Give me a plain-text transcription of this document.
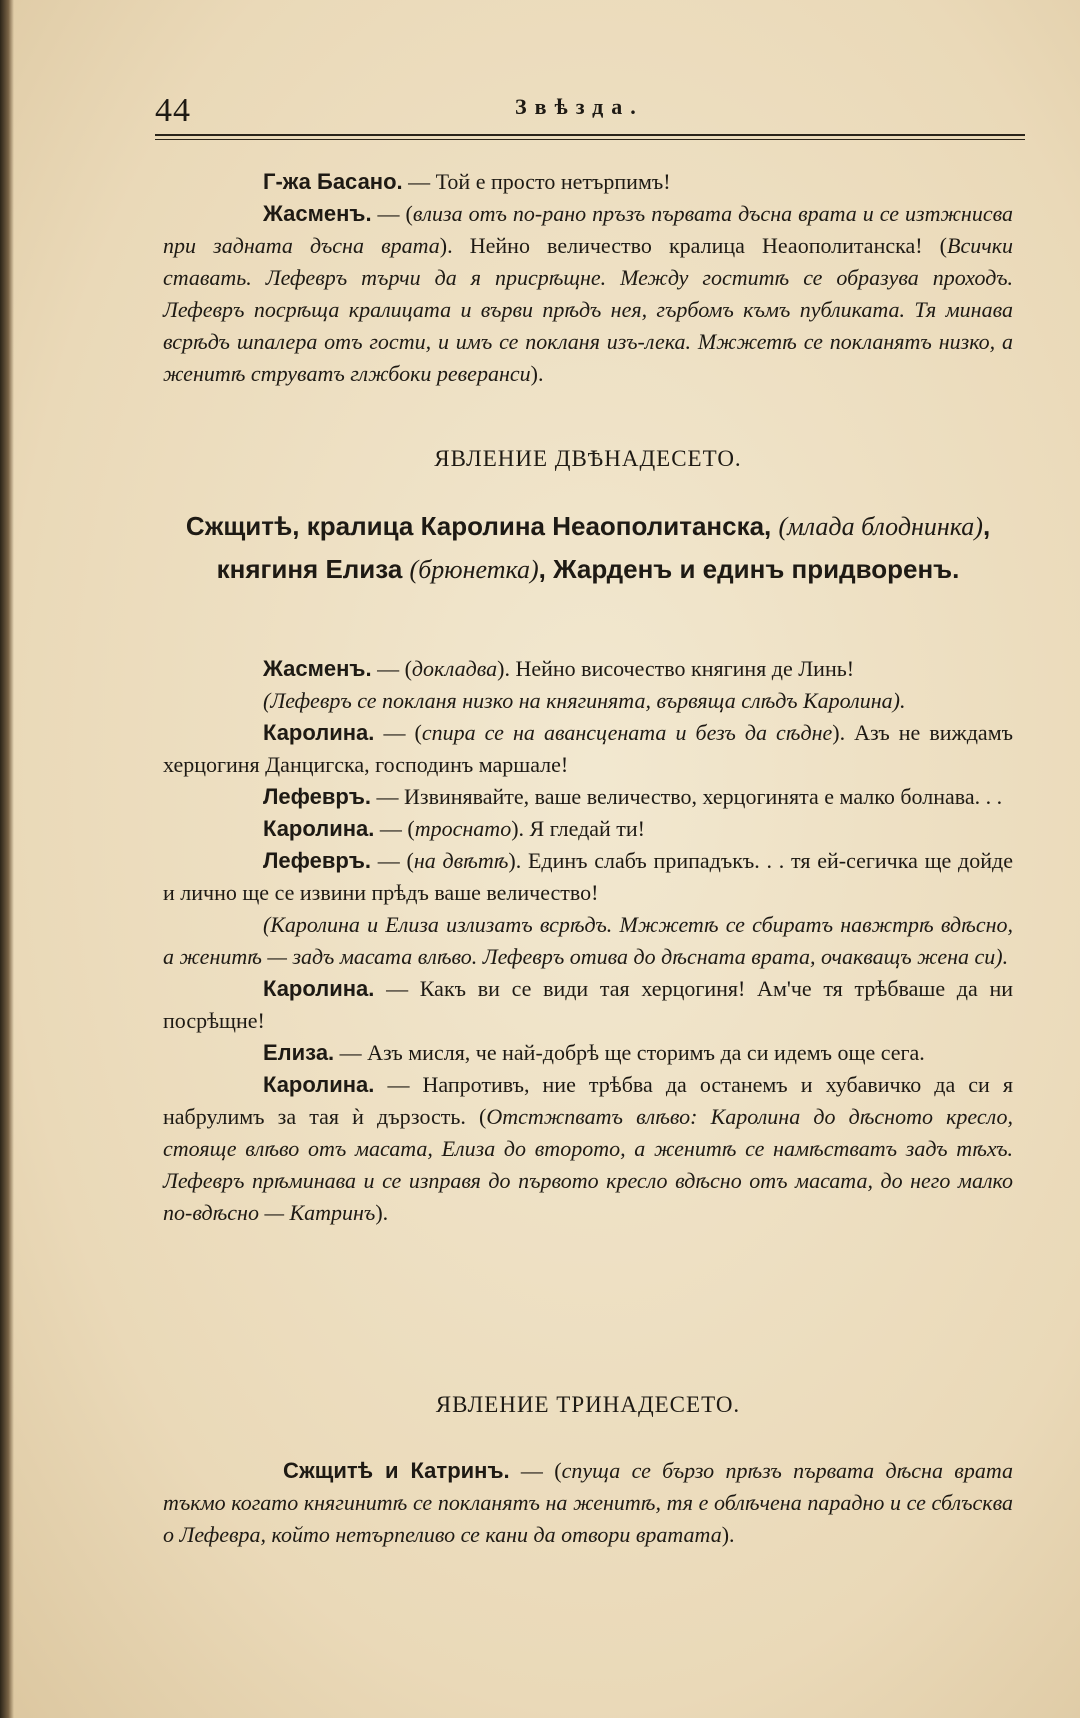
44	Звѣзда.

Г-жа Басано. — Той е просто нетърпимъ!

Жасменъ. — (влиза отъ по-рано пръзъ първата дъсна врата и се изтжнисва при задната дъсна врата). Нейно величество кралица Неаополитанска! (Всички ставать. Лефевръ търчи да я присрѣщне. Между гоститѣ се образува проходъ. Лефевръ посрѣща кралицата и върви прѣдъ нея, гърбомъ къмъ публиката. Тя минава всрѣдъ шпалера отъ гости, и имъ се покланя изъ-лека. Мжжетѣ се покланятъ низко, а женитѣ струватъ глжбоки реверанси).

ЯВЛЕНИЕ ДВѢНАДЕСЕТО.
Сжщитѣ, кралица Каролина Неаополитанска, (млада блоднинка), княгиня Елиза (брюнетка), Жарденъ и единъ придворенъ.

Жасменъ. — (докладва). Нейно височество княгиня де Линь!

(Лефевръ се покланя низко на княгинята, вървяща слѣдъ Каролина).

Каролина. — (спира се на авансцената и безъ да сѣдне). Азъ не виждамъ херцогиня Данцигска, господинъ маршале!

Лефевръ. — Извинявайте, ваше величество, херцогинята е малко болнава. . .

Каролина. — (троснато). Я гледай ти!

Лефевръ. — (на двѣтѣ). Единъ слабъ припадъкъ. . . тя ей-сегичка ще дойде и лично ще се извини прѣдъ ваше величество!

(Каролина и Елиза излизатъ всрѣдъ. Мжжетѣ се сбиратъ навжтрѣ вдѣсно, а женитѣ — задъ масата влѣво. Лефевръ отива до дѣсната врата, очакващъ жена си).

Каролина. — Какъ ви се види тая херцогиня! Ам'че тя трѣбваше да ни посрѣщне!

Елиза. — Азъ мисля, че най-добрѣ ще сторимъ да си идемъ още сега.

Каролина. — Напротивъ, ние трѣбва да останемъ и хубавичко да си я набрулимъ за тая ѝ дързость. (Отстжпватъ влѣво: Каролина до дѣсното кресло, стояще влѣво отъ масата, Елиза до второто, а женитѣ се намѣстватъ задъ тѣхъ. Лефевръ прѣминава и се изправя до първото кресло вдѣсно отъ масата, до него малко по-вдѣсно — Катринъ).

ЯВЛЕНИЕ ТРИНАДЕСЕТО.

Сжщитѣ и Катринъ. — (спуща се бързо прѣзъ първата дѣсна врата тъкмо когато княгинитѣ се покланятъ на женитѣ, тя е облѣчена парадно и се сблъсква о Лефевра, който нетърпеливо се кани да отвори вратата).
